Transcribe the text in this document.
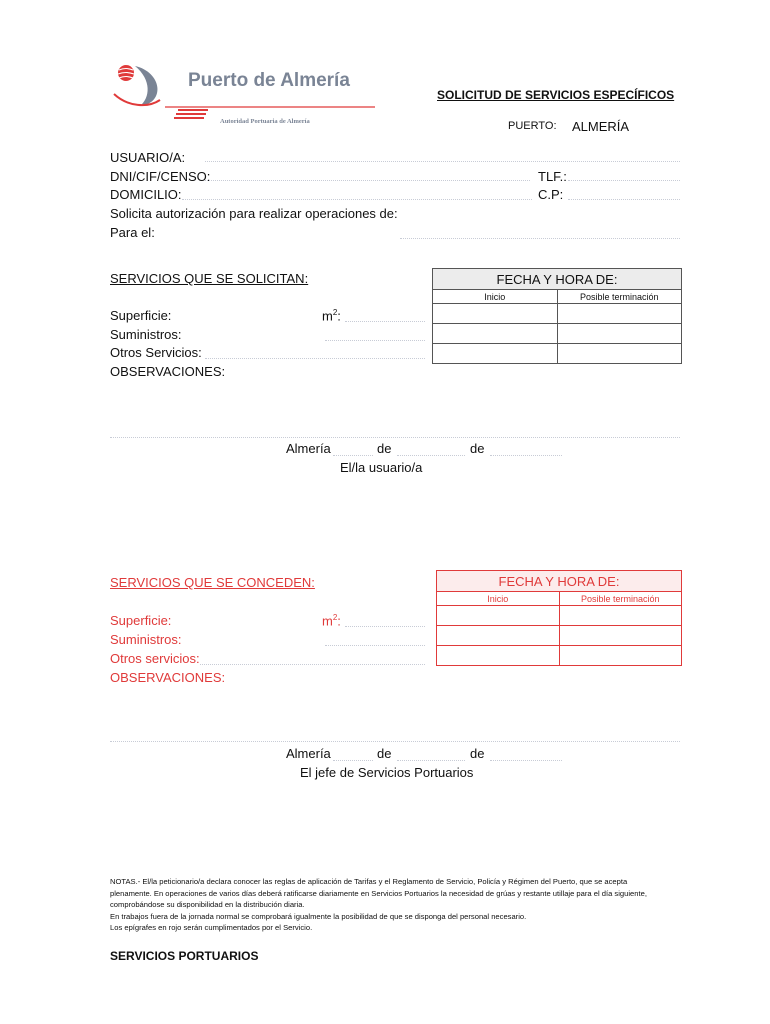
Puerto de Almería
Autoridad Portuaria de Almería
SOLICITUD DE SERVICIOS ESPECÍFICOS
PUERTO: ALMERÍA
USUARIO/A:
DNI/CIF/CENSO:	TLF.:
DOMICILIO:	C.P:
Solicita autorización para realizar operaciones de:
Para el:
SERVICIOS QUE SE SOLICITAN:	FECHA Y HORA DE:	
Inicio	Posible terminación

Superficie:	$m^2$:
Suministros:
Otros Servicios:
OBSERVACIONES:
Almería	de	de
El/la usuario/a
SERVICIOS QUE SE CONCEDEN:	FECHA Y HORA DE:	
Inicio	Posible terminación

Superficie:	$m^2$:
Suministros:
Otros servicios:
OBSERVACIONES:
Almería	de	de
El jefe de Servicios Portuarios
NOTAS.- El/la peticionario/a declara conocer las reglas de aplicación de Tarifas y el Reglamento de Servicio, Policía y Régimen del Puerto, que se acepta plenamente. En operaciones de varios días deberá ratificarse diariamente en Servicios Portuarios la necesidad de grúas y restante utillaje para el día siguiente, comprobándose su disponibilidad en la distribución diaria.
En trabajos fuera de la jornada normal se comprobará igualmente la posibilidad de que se disponga del personal necesario.
Los epígrafes en rojo serán cumplimentados por el Servicio.
SERVICIOS PORTUARIOS
